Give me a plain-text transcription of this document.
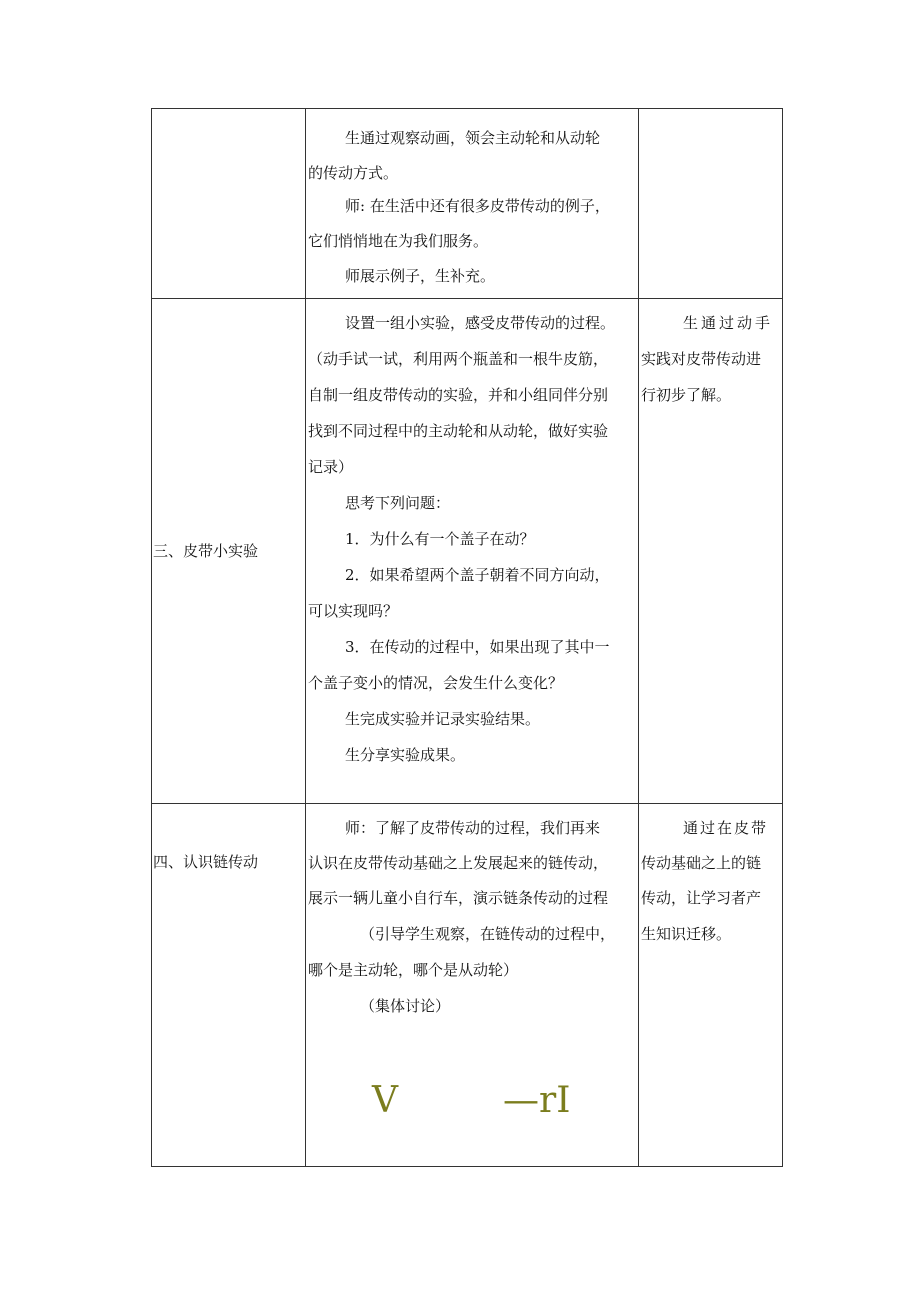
生通过观察动画，领会主动轮和从动轮
的传动方式。
师: 在生活中还有很多皮带传动的例子，
它们悄悄地在为我们服务。
师展示例子，生补充。
三、皮带小实验
设置一组小实验，感受皮带传动的过程。
（动手试一试，利用两个瓶盖和一根牛皮筋，
自制一组皮带传动的实验，并和小组同伴分别
找到不同过程中的主动轮和从动轮，做好实验
记录）
思考下列问题：
1．为什么有一个盖子在动？
2．如果希望两个盖子朝着不同方向动，
可以实现吗？
3．在传动的过程中，如果出现了其中一
个盖子变小的情况，会发生什么变化？
生完成实验并记录实验结果。
生分享实验成果。
生通过动手
实践对皮带传动进
行初步了解。
四、认识链传动
师：了解了皮带传动的过程，我们再来
认识在皮带传动基础之上发展起来的链传动，
展示一辆儿童小自行车，演示链条传动的过程
（引导学生观察，在链传动的过程中，
哪个是主动轮，哪个是从动轮）
（集体讨论）
通过在皮带
传动基础之上的链
传动，让学习者产
生知识迁移。
V	—rI
